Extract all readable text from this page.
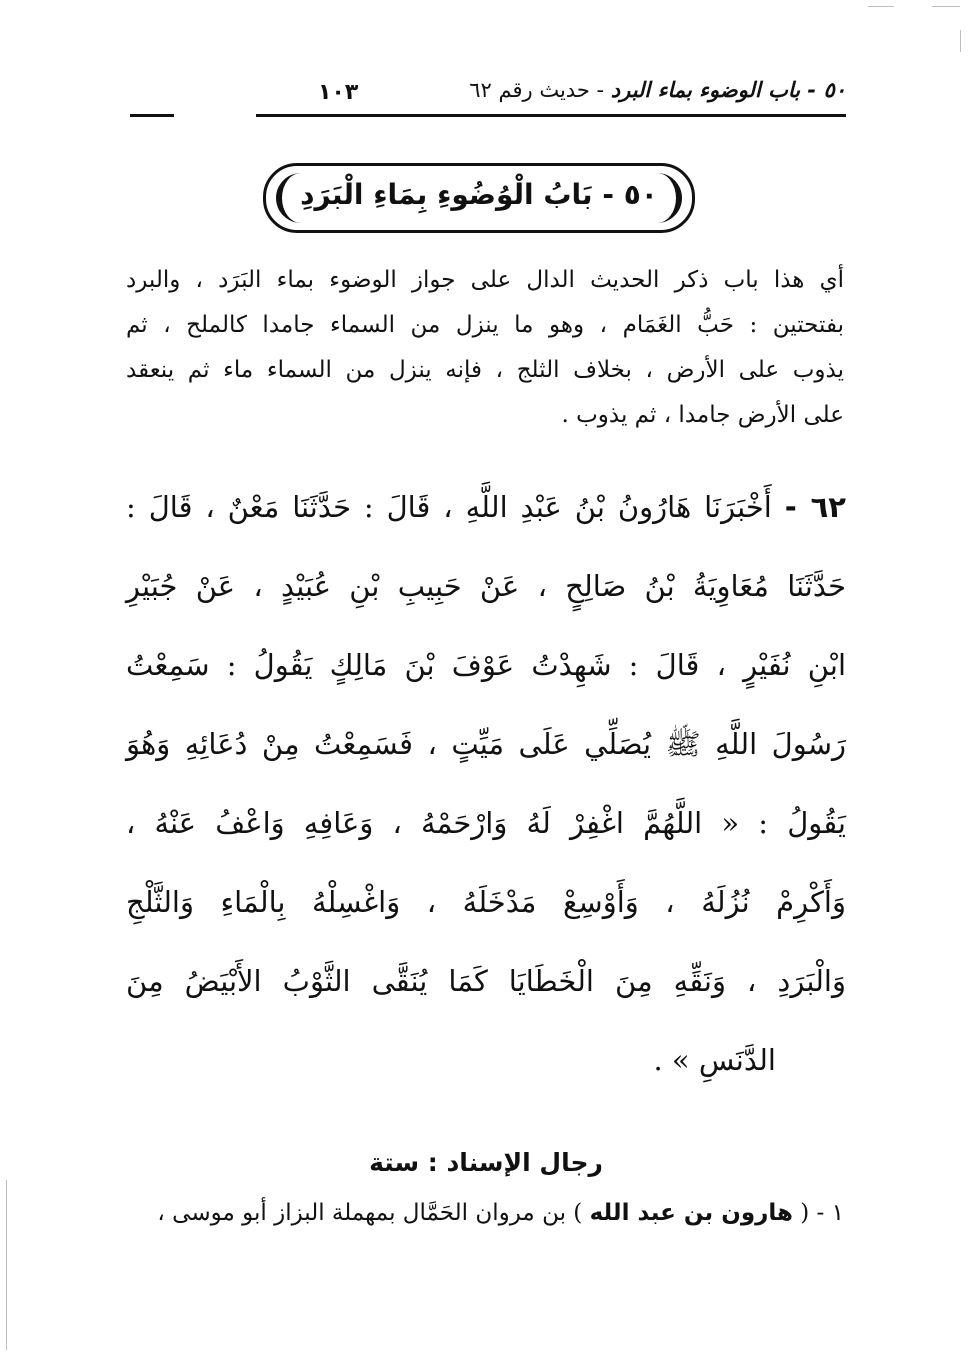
١٠٣	٥٠ - باب الوضوء بماء البرد - حديث رقم ٦٢
٥٠ - بَابُ الْوُضُوءِ بِمَاءِ الْبَرَدِ
أي هذا باب ذكر الحديث الدال على جواز الوضوء بماء البَرَد ، والبرد
بفتحتين : حَبُّ الغَمَام ، وهو ما ينزل من السماء جامدا كالملح ، ثم
يذوب على الأرض ، بخلاف الثلج ، فإنه ينزل من السماء ماء ثم ينعقد
على الأرض جامدا ، ثم يذوب .
٦٢ - أَخْبَرَنَا هَارُونُ بْنُ عَبْدِ اللَّهِ ، قَالَ : حَدَّثَنَا مَعْنٌ ، قَالَ :
حَدَّثَنَا مُعَاوِيَةُ بْنُ صَالِحٍ ، عَنْ حَبِيبِ بْنِ عُبَيْدٍ ، عَنْ جُبَيْرِ
ابْنِ نُفَيْرٍ ، قَالَ : شَهِدْتُ عَوْفَ بْنَ مَالِكٍ يَقُولُ : سَمِعْتُ
رَسُولَ اللَّهِ ﷺ يُصَلِّي عَلَى مَيِّتٍ ، فَسَمِعْتُ مِنْ دُعَائِهِ وَهُوَ
يَقُولُ : « اللَّهُمَّ اغْفِرْ لَهُ وَارْحَمْهُ ، وَعَافِهِ وَاعْفُ عَنْهُ ،
وَأَكْرِمْ نُزُلَهُ ، وَأَوْسِعْ مَدْخَلَهُ ، وَاغْسِلْهُ بِالْمَاءِ وَالثَّلْجِ
وَالْبَرَدِ ، وَنَقِّهِ مِنَ الْخَطَايَا كَمَا يُنَقَّى الثَّوْبُ الأَبْيَضُ مِنَ
الدَّنَسِ » .
رجال الإسناد : ستة
١ - ( هارون بن عبد الله ) بن مروان الحَمَّال بمهملة البزاز أبو موسى ،
